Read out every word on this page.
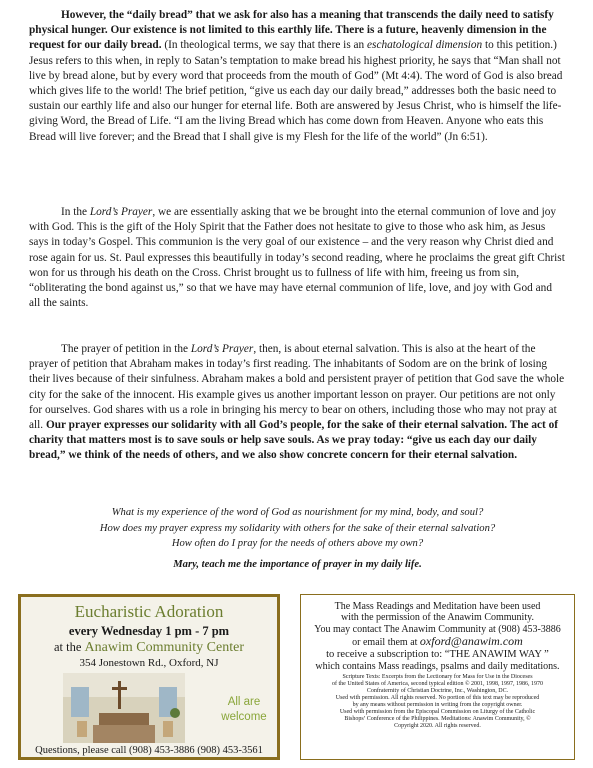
However, the “daily bread” that we ask for also has a meaning that transcends the daily need to satisfy physical hunger. Our existence is not limited to this earthly life. There is a future, heavenly dimension in the request for our daily bread. (In theological terms, we say that there is an eschatological dimension to this petition.) Jesus refers to this when, in reply to Satan’s temptation to make bread his highest priority, he says that “Man shall not live by bread alone, but by every word that proceeds from the mouth of God” (Mt 4:4). The word of God is also bread which gives life to the world! The brief petition, “give us each day our daily bread,” addresses both the basic need to sustain our earthly life and also our hunger for eternal life. Both are answered by Jesus Christ, who is himself the life-giving Word, the Bread of Life. “I am the living Bread which has come down from Heaven. Anyone who eats this Bread will live forever; and the Bread that I shall give is my Flesh for the life of the world” (Jn 6:51).

In the Lord’s Prayer, we are essentially asking that we be brought into the eternal communion of love and joy with God. This is the gift of the Holy Spirit that the Father does not hesitate to give to those who ask him, as Jesus says in today’s Gospel. This communion is the very goal of our existence – and the very reason why Christ died and rose again for us. St. Paul expresses this beautifully in today’s second reading, where he proclaims the great gift Christ won for us through his death on the Cross. Christ brought us to fullness of life with him, freeing us from sin, “obliterating the bond against us,” so that we have may have eternal communion of life, love, and joy with God and all the saints.

The prayer of petition in the Lord’s Prayer, then, is about eternal salvation. This is also at the heart of the prayer of petition that Abraham makes in today’s first reading. The inhabitants of Sodom are on the brink of losing their lives because of their sinfulness. Abraham makes a bold and persistent prayer of petition that God save the whole city for the sake of the innocent. His example gives us another important lesson on prayer. Our petitions are not only for ourselves. God shares with us a role in bringing his mercy to bear on others, including those who may not pray at all. Our prayer expresses our solidarity with all God’s people, for the sake of their eternal salvation. The act of charity that matters most is to save souls or help save souls. As we pray today: “give us each day our daily bread,” we think of the needs of others, and we also show concrete concern for their eternal salvation.

What is my experience of the word of God as nourishment for my mind, body, and soul?
How does my prayer express my solidarity with others for the sake of their eternal salvation?
How often do I pray for the needs of others above my own?
Mary, teach me the importance of prayer in my daily life.
Eucharistic Adoration
every Wednesday 1 pm - 7 pm
at the Anawim Community Center
354 Jonestown Rd., Oxford, NJ
All are
welcome
Questions, please call (908) 453-3886 (908) 453-3561
The Mass Readings and Meditation have been used
with the permission of the Anawim Community.
You may contact The Anawim Community at (908) 453-3886
or email them at oxford@anawim.com
to receive a subscription to: “THE ANAWIM WAY ”
which contains Mass readings, psalms and daily meditations.
Scripture Texts: Excerpts from the Lectionary for Mass for Use in the Dioceses
of the United States of America, second typical edition © 2001, 1998, 1997, 1986, 1970
Confraternity of Christian Doctrine, Inc., Washington, DC.
Used with permission. All rights reserved. No portion of this text may be reproduced
by any means without permission in writing from the copyright owner.
Used with permission from the Episcopal Commission on Liturgy of the Catholic
Bishops’ Conference of the Philippines. Meditations: Anawim Community, ©
Copyright 2020. All rights reserved.
